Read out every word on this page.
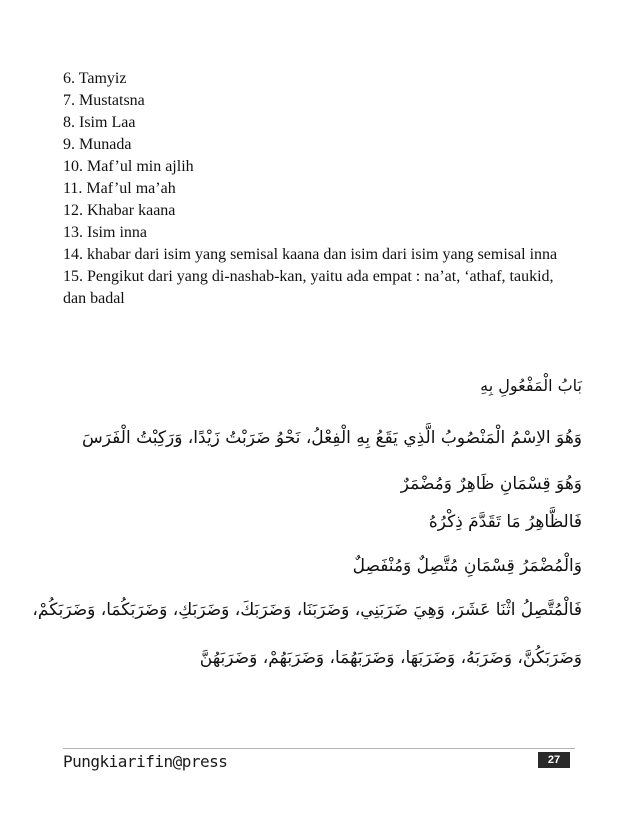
6. Tamyiz
7. Mustatsna
8. Isim Laa
9. Munada
10. Maf’ul min ajlih
11. Maf’ul ma’ah
12. Khabar kaana
13. Isim inna
14. khabar dari isim yang semisal kaana dan isim dari isim yang semisal inna
15. Pengikut dari yang di-nashab-kan, yaitu ada empat : na’at, ‘athaf, taukid, dan badal
بَابُ الْمَفْعُولِ بِهِ
وَهُوَ الاِسْمُ الْمَنْصُوبُ الَّذِي يَقَعُ بِهِ الْفِعْلُ، نَحْوُ ضَرَبْتُ زَيْدًا، وَرَكِبْتُ الْفَرَسَ
وَهُوَ قِسْمَانِ ظَاهِرٌ وَمُضْمَرٌ
فَالظَّاهِرُ مَا تَقَدَّمَ ذِكْرُهُ
وَالْمُضْمَرُ قِسْمَانِ مُتَّصِلٌ وَمُنْفَصِلٌ
فَالْمُتَّصِلُ اثْنَا عَشَرَ، وَهِيَ ضَرَبَنِي، وَضَرَبَنَا، وَضَرَبَكَ، وَضَرَبَكِ، وَضَرَبَكُمَا، وَضَرَبَكُمْ،
وَضَرَبَكُنَّ، وَضَرَبَهُ، وَضَرَبَهَا، وَضَرَبَهُمَا، وَضَرَبَهُمْ، وَضَرَبَهُنَّ
Pungkiarifin@press	27
